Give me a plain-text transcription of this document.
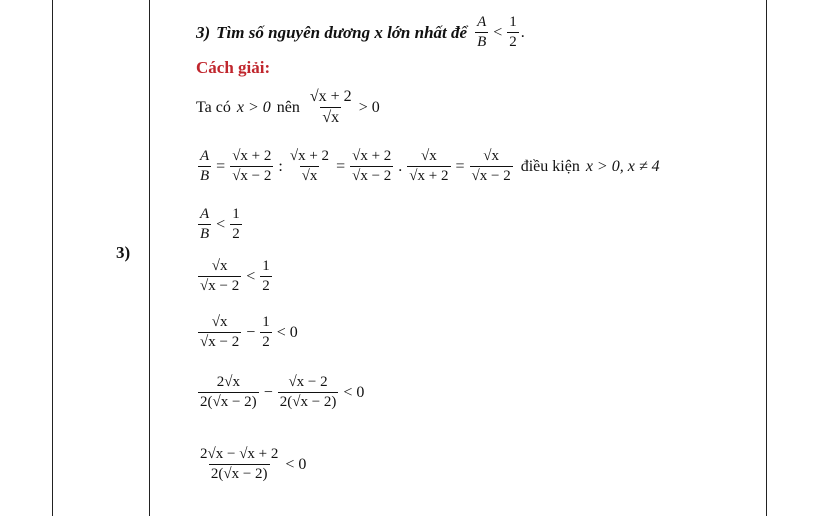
3)
3) Tìm số nguyên dương x lớn nhất để $\frac{A}{B} < \frac{1}{2}$ .
Cách giải:
Ta có x > 0 nên $\frac{√x + 2}{√x} > 0$
$\frac{A}{B} = \frac{√x + 2}{√x - 2}$ : $\frac{√x + 2}{√x} = \frac{√x + 2}{√x - 2}$ . $\frac{√x}{√x + 2} = \frac{√x}{√x - 2}$ điều kiện x > 0, x ≠ 4
$\frac{A}{B} < \frac{1}{2}$
$\frac{√x}{√x - 2} < \frac{1}{2}$
$\frac{√x}{√x - 2} - \frac{1}{2} < 0$
$\frac{2√x}{2(√x - 2)} - \frac{√x - 2}{2(√x - 2)} < 0$
$\frac{2√x - √x + 2}{2(√x - 2)} < 0$
